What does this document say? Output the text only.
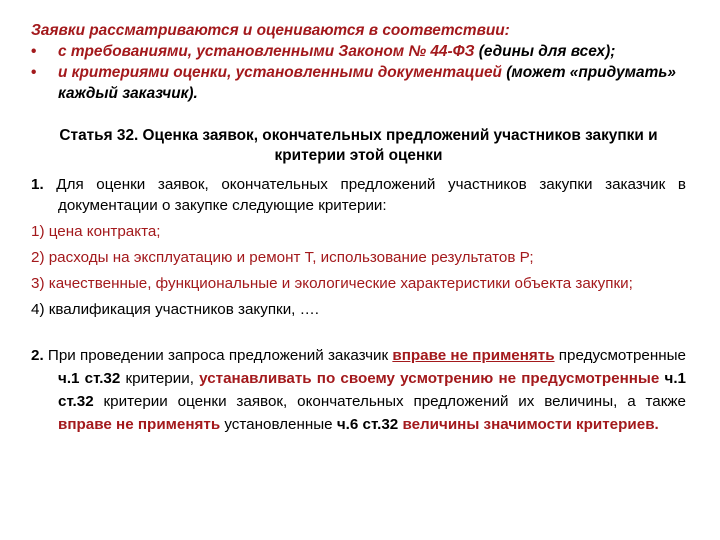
Заявки рассматриваются и оцениваются в соответствии:

• с требованиями, установленными Законом № 44-ФЗ (едины для всех);
• и критериями оценки, установленными документацией (может «придумать» каждый заказчик).
Статья 32. Оценка заявок, окончательных предложений участников закупки и критерии этой оценки

1. Для оценки заявок, окончательных предложений участников закупки заказчик в документации о закупке следующие критерии:

1) цена контракта;

2) расходы на эксплуатацию и ремонт Т, использование результатов Р;

3) качественные, функциональные и экологические характеристики объекта закупки;

4) квалификация участников закупки, ….

2. При проведении запроса предложений заказчик вправе не применять предусмотренные ч.1 ст.32 критерии, устанавливать по своему усмотрению не предусмотренные ч.1 ст.32 критерии оценки заявок, окончательных предложений их величины, а также вправе не применять установленные ч.6 ст.32 величины значимости критериев.
